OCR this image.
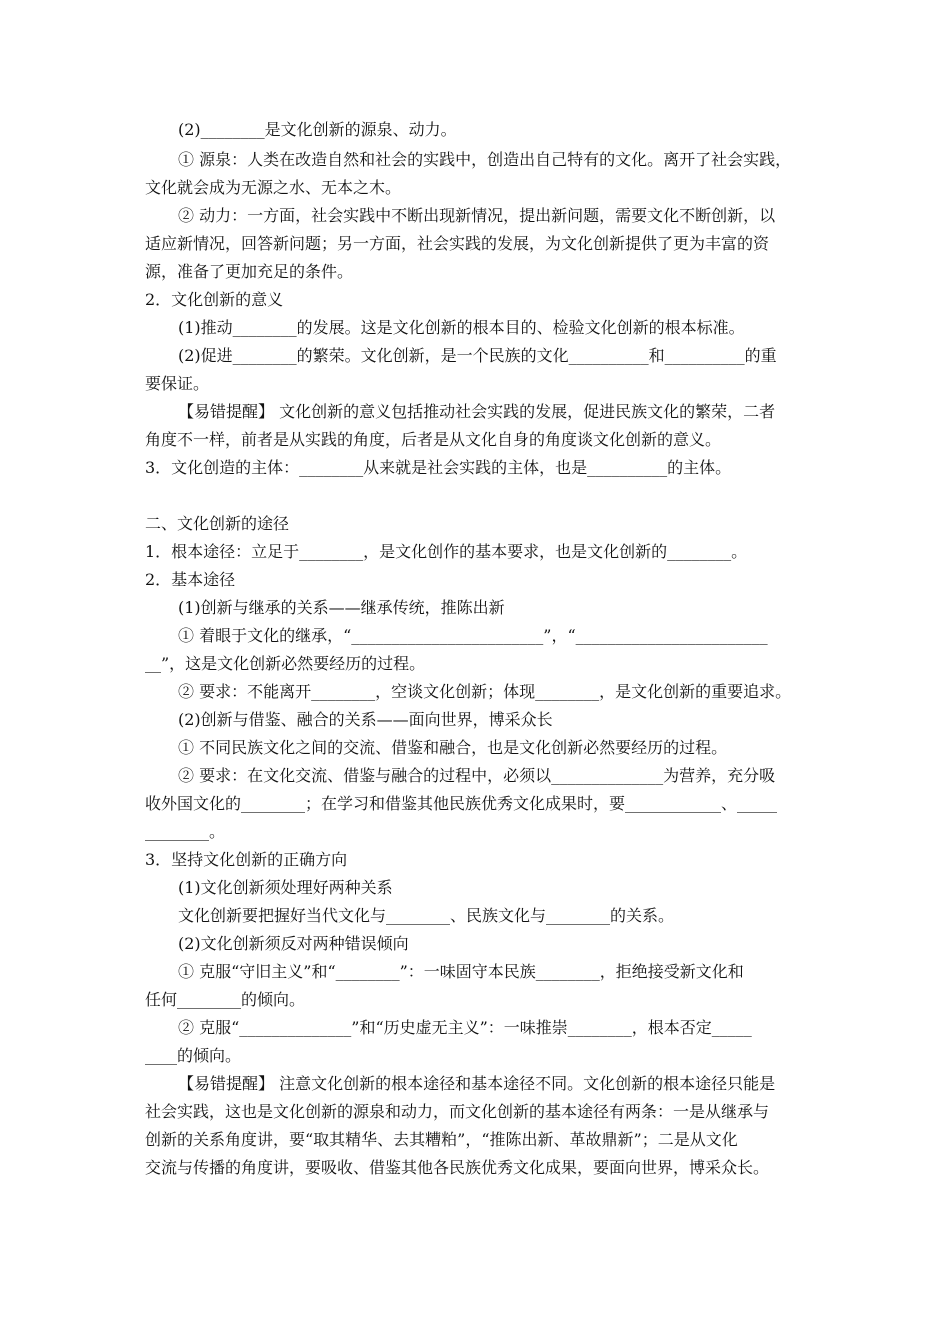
(2)________是文化创新的源泉、动力。

① 源泉：人类在改造自然和社会的实践中，创造出自己特有的文化。离开了社会实践，

文化就会成为无源之水、无本之木。

② 动力：一方面，社会实践中不断出现新情况，提出新问题，需要文化不断创新，以

适应新情况，回答新问题；另一方面，社会实践的发展，为文化创新提供了更为丰富的资

源，准备了更加充足的条件。

2．文化创新的意义

(1)推动________的发展。这是文化创新的根本目的、检验文化创新的根本标准。

(2)促进________的繁荣。文化创新，是一个民族的文化__________和__________的重

要保证。

【易错提醒】 文化创新的意义包括推动社会实践的发展，促进民族文化的繁荣，二者

角度不一样，前者是从实践的角度，后者是从文化自身的角度谈文化创新的意义。

3．文化创造的主体：________从来就是社会实践的主体，也是__________的主体。

二、文化创新的途径

1．根本途径：立足于________，是文化创作的基本要求，也是文化创新的________。

2．基本途径

(1)创新与继承的关系——继承传统，推陈出新

① 着眼于文化的继承，“________________________”，“________________________

__”，这是文化创新必然要经历的过程。

② 要求：不能离开________，空谈文化创新；体现________，是文化创新的重要追求。

(2)创新与借鉴、融合的关系——面向世界，博采众长

① 不同民族文化之间的交流、借鉴和融合，也是文化创新必然要经历的过程。

② 要求：在文化交流、借鉴与融合的过程中，必须以______________为营养，充分吸

收外国文化的________；在学习和借鉴其他民族优秀文化成果时，要____________、_____

________。

3．坚持文化创新的正确方向

(1)文化创新须处理好两种关系

文化创新要把握好当代文化与________、民族文化与________的关系。

(2)文化创新须反对两种错误倾向

① 克服“守旧主义”和“________”：一味固守本民族________，拒绝接受新文化和

任何________的倾向。

② 克服“______________”和“历史虚无主义”：一味推崇________，根本否定_____

____的倾向。

【易错提醒】 注意文化创新的根本途径和基本途径不同。文化创新的根本途径只能是

社会实践，这也是文化创新的源泉和动力，而文化创新的基本途径有两条：一是从继承与

创新的关系角度讲，要“取其精华、去其糟粕”，“推陈出新、革故鼎新”；二是从文化

交流与传播的角度讲，要吸收、借鉴其他各民族优秀文化成果，要面向世界，博采众长。
